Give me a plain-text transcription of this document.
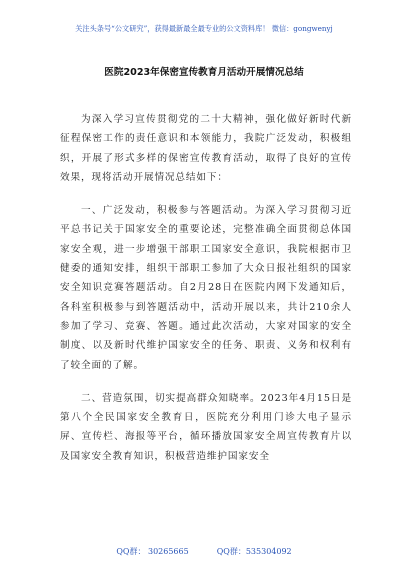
关注头条号“公文研究”，获得最新最全最专业的公文资料库！ 微信：gongwenyj
医院2023年保密宣传教育月活动开展情况总结

为深入学习宣传贯彻党的二十大精神，强化做好新时代新征程保密工作的责任意识和本领能力，我院广泛发动，积极组织，开展了形式多样的保密宣传教育活动，取得了良好的宣传效果，现将活动开展情况总结如下：

一、广泛发动，积极参与答题活动。为深入学习贯彻习近平总书记关于国家安全的重要论述，完整准确全面贯彻总体国家安全观，进一步增强干部职工国家安全意识，我院根据市卫健委的通知安排，组织干部职工参加了大众日报社组织的国家安全知识竞赛答题活动。自2月28日在医院内网下发通知后，各科室积极参与到答题活动中，活动开展以来，共计210余人参加了学习、竞赛、答题。通过此次活动，大家对国家的安全制度、以及新时代维护国家安全的任务、职责、义务和权利有了较全面的了解。

二、营造氛围，切实提高群众知晓率。2023年4月15日是第八个全民国家安全教育日，医院充分利用门诊大电子显示屏、宣传栏、海报等平台，循环播放国家安全周宣传教育片以及国家安全教育知识，积极营造维护国家安全

QQ群： 30265665	QQ群：535304092
